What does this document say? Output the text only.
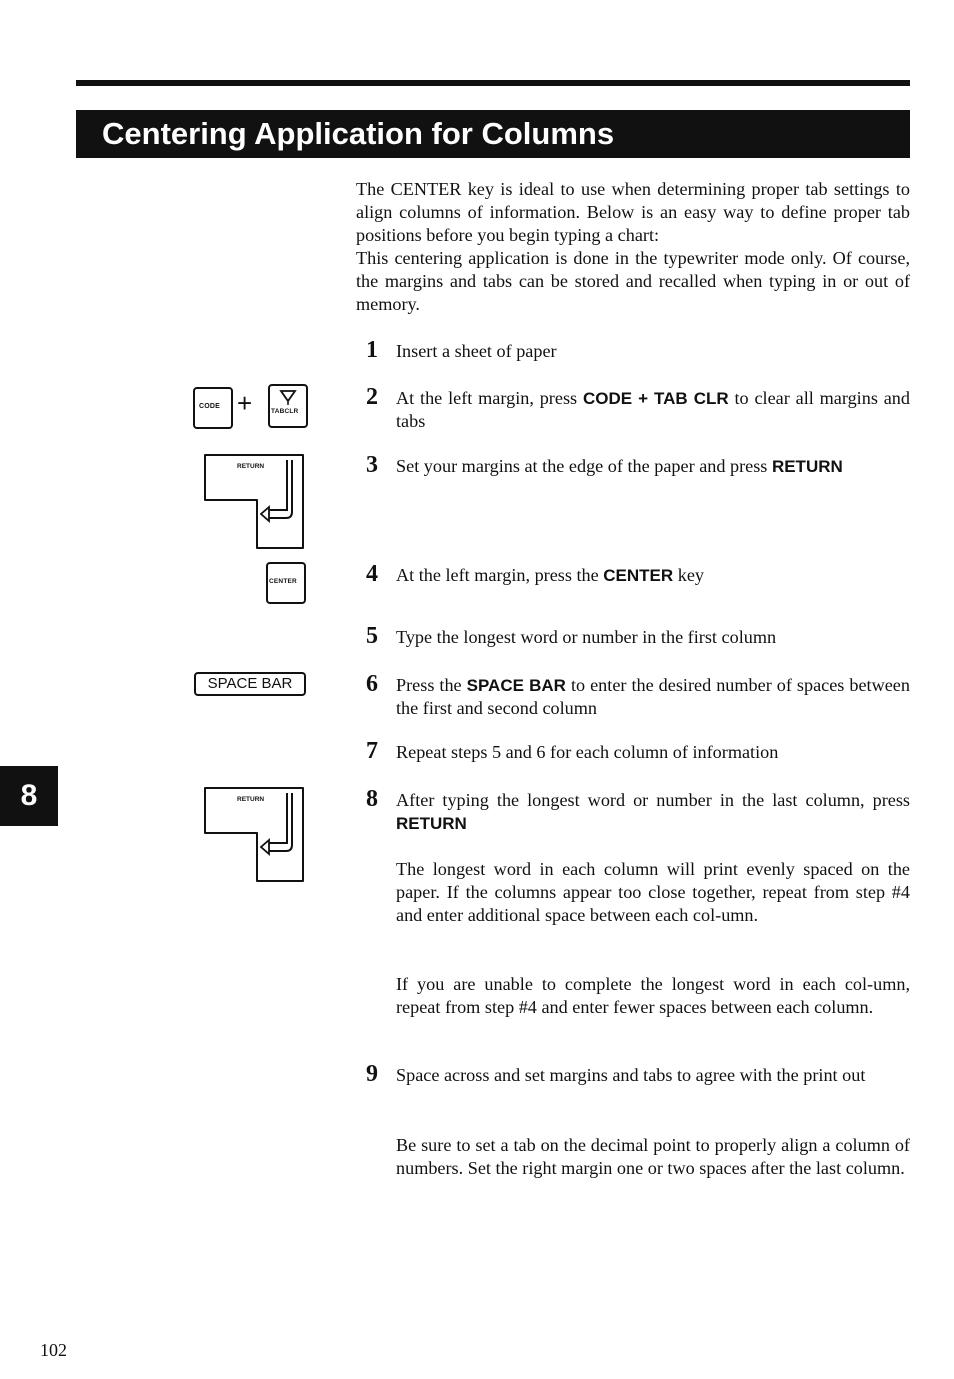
Centering Application for Columns

The CENTER key is ideal to use when determining proper tab settings to align columns of information. Below is an easy way to define proper tab positions before you begin typing a chart:

This centering application is done in the typewriter mode only. Of course, the margins and tabs can be stored and recalled when typing in or out of memory.

1 Insert a sheet of paper

2 At the left margin, press CODE + TAB CLR to clear all margins and tabs

3 Set your margins at the edge of the paper and press RETURN

4 At the left margin, press the CENTER key

5 Type the longest word or number in the first column

6 Press the SPACE BAR to enter the desired number of spaces between the first and second column

7 Repeat steps 5 and 6 for each column of information

8 After typing the longest word or number in the last column, press RETURN

The longest word in each column will print evenly spaced on the paper. If the columns appear too close together, repeat from step #4 and enter additional space between each col-umn.

If you are unable to complete the longest word in each col-umn, repeat from step #4 and enter fewer spaces between each column.

9 Space across and set margins and tabs to agree with the print out

Be sure to set a tab on the decimal point to properly align a column of numbers. Set the right margin one or two spaces after the last column.

CODE +	TABCLR
RETURN
CENTER
SPACE BAR
RETURN
8
102
